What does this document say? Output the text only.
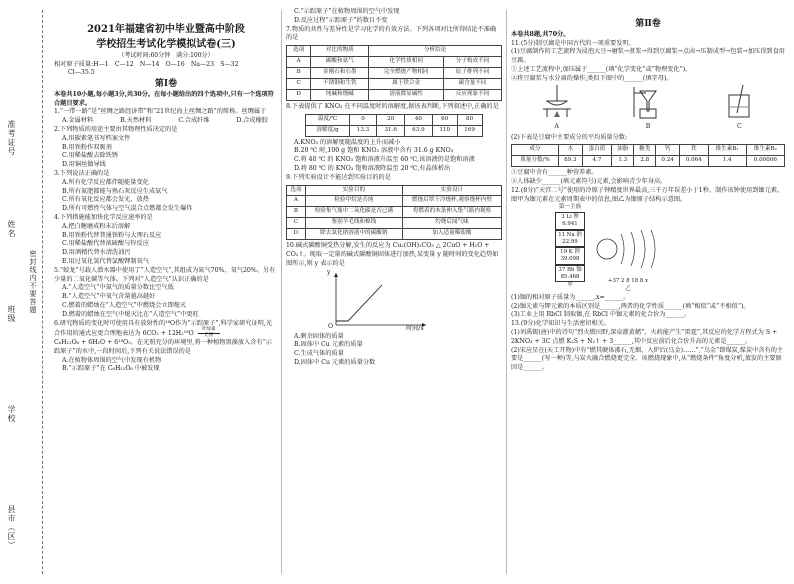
准考证号
姓名
班级
学校
县市（区）
密封线内不要答题

2021年福建省初中毕业暨高中阶段

学校招生考试化学模拟试卷(三)

（考试时间:60分钟　满分:100分）

相对原子质量:H—1　C—12　N—14　O—16　Na—23　S—32

Cl—35.5

第Ⅰ卷

本卷共10小题,每小题3分,共30分。在每小题给出的四个选项中,只有一个选项符合题目要求。

1.“一带一路”是“丝绸之路经济带”和“21世纪海上丝绸之路”的简称。丝绸属于

A.金属材料	B.天然材料	C.合成纤维	D.合成橡胶

2.下列物质的用途主要由其物理性质决定的是

A.用碳素笔书写档案文件

B.用铁粉作双吸剂

C.用稀盐酸去除铁锈

D.用铜丝做导线

3.下列说法正确的是

A.所有化学反应都伴随能量变化

B.所有氮肥都能与熟石灰反应生成氨气

C.所有氧化反应都会发光、放热

D.所有可燃性气体与空气混合点燃都会发生爆炸

4.下列措施能加快化学反应速率的是

A.把白糖磨成粉末后溶解

B.用铁粉代替普通铁粉与大理石反应

C.用稀盐酸代替浓硫酸与锌反应

D.用酒精代替水清洗油污

E.用过氧化氢代替氯酸钾制氧气

5.“蛟龙”号载人潜水器中使用了“人造空气”,其组成为氮气70%、氧气20%、另有少量的二氧化碳等气体。下列对“人造空气”认识正确的是

A.“人造空气”中氮气的质量分数比空气低

B.“人造空气”中氧气含量越高越好

C.燃着的蜡烛在“人造空气”中燃烧会立即熄灭

D.燃着的蜡烛在空气中熄灭比在“人造空气”中更旺

6.研究物质的变化时可使用具有放射性的¹⁸O作为“示踪原子”,科学家研究证明,光合作用的通式应更合理地表达为 6CO₂ + 12H₂¹⁸O 叶绿素

光照

C₆H₁₂O₆ + 6H₂O + 6¹⁸O₂。在光照充分的环境里,将一种植物黑藻放入含有“示踪原子”的水中,一段时间后,下列有关说法错误的是

A.在植物体周围的空气中发现有机物

B.“示踪原子”在 C₆H₁₂O₆ 中被发现

C.“示踪原子”在植物周围的空气中发现

D.反应过程“示踪原子”的数目不变

7.物质的共性与差异性是学习化学的有效方法。下列各项对比所得结论不准确的是

选项	对比的物质	分析结论	
A	碳酸和氨气	化学性质相同	分子构成不同
B	金刚石和石墨	完全燃烧产物相同	原子排列不同
C	不锈钢和生铁	属于铁合金	碳含量不同
D	纯碱和烧碱	溶液都显碱性	反应现象不同

8.下表提供了 KNO₃ 在不同温度时的溶解度,据该表判断,下列叙述中,正确的是

温度/℃	0	20	40	60	80
溶解度/g	13.3	31.6	63.9	110	169

A.KNO₃ 的溶解度随温度的上升而减小

B.20 ℃ 时,100 g 饱和 KNO₃ 溶液中含有 31.6 g KNO₃

C.将 40 ℃ 的 KNO₃ 饱和溶液升温至 60 ℃,该溶液仍是饱和溶液

D.将 80 ℃ 的 KNO₃ 饱和溶液降温至 20 ℃,有晶体析出

9.下列实验设计不能达到实验目的的是

选项	实验目的	实验设计
A	检验甲烷是否纯	燃烧后罩干冷烧杯,观察烧杯内壁
B	检验集气瓶中二氧化碳是否已满	将燃着的木条伸入集气瓶内观察
C	鉴别羊毛线和棉线	灼烧后闻气味
D	除去氯化钠溶液中的碳酸钠	加入适量稀盐酸

10.碱式碳酸铜受热分解,发生的反应为 Cu₂(OH)₂CO₃ △ 2CuO + H₂O + CO₂↑。现取一定量的碱式碳酸铜固体进行加热,某变量 y 随时间的变化趋势如图所示,则 y 表示的是

y
O	时间/s

A.剩余固体的质量

B.固体中 Cu 元素的质量

C.生成气体的质量

D.固体中 Cu 元素的质量分数

第Ⅱ卷

本卷共8题,共70分。

11.(5分)制豆腐是中国古代的一项重要发明。

(1)豆腐制作的工艺流程为浸泡大豆→磨浆→煮浆→得到豆腐浆→点卤→压制成型→包装→加压得到食用豆腐。

①上述工艺流程中,加压属于______(填“化学变化”或“物理变化”)。

②将豆腐浆与水分离的操作,类似下图中的______(填字母)。

A	B	C

(2)下表是豆腐中主要成分的平均质量分数:

成分	水	蛋白质	油脂	糖类	钙	铁	维生素B₁	维生素B₂
质量分数/%	89.3	4.7	1.3	2.8	0.24	0.064	1.4	0.00006

①豆腐中含有______种营养素。

②人体缺少______(填元素符号)元素,会影响青少年身高。

12.(8分)“天宫二号”使用的冷原子钟精度世界最高,三千万年误差小于1秒。制作该钟使用到铷元素。图甲为铷元素在元素周期表中的信息,图乙为铷原子结构示意图。

第一主族
3 Li 锂 6.941
11 Na 钠 22.99
19 K 钾 39.098
37 Rb 铷 85.468
甲
+37 2 8 18 8 x
乙

(1)铷的相对原子质量为______,x=______。

(2)铷元素与钾元素的本质区别是______,两者的化学性质______(填“相似”或“不相似”)。

(3)工业上用 RbCl 制取铷,在 RbCl 中铷元素的化合价为______。

13.(9分)化学知识与生活密切相关。

(1)刘禹锡(唐)中的诗句“烈火煅田野,深泉濯黄赭”。火药能产生“雷霆”,其反应的化学方程式为 S + 2KNO₃ + 3C 点燃 K₂S + N₂↑ + 3______,其中反应前后化合价升高的元素是______。

(2)宋应星在(天工开物)中有“燃其硬体沸石,无烟、入炉后(乌金)……”,“乌金”即煤炭,煤炭中含有的主要是______(写一种)等,与炭火融合燃烧更完全。该燃烧现象中,从“燃烧条件”角度分析,蒸发的主要原因是______。
